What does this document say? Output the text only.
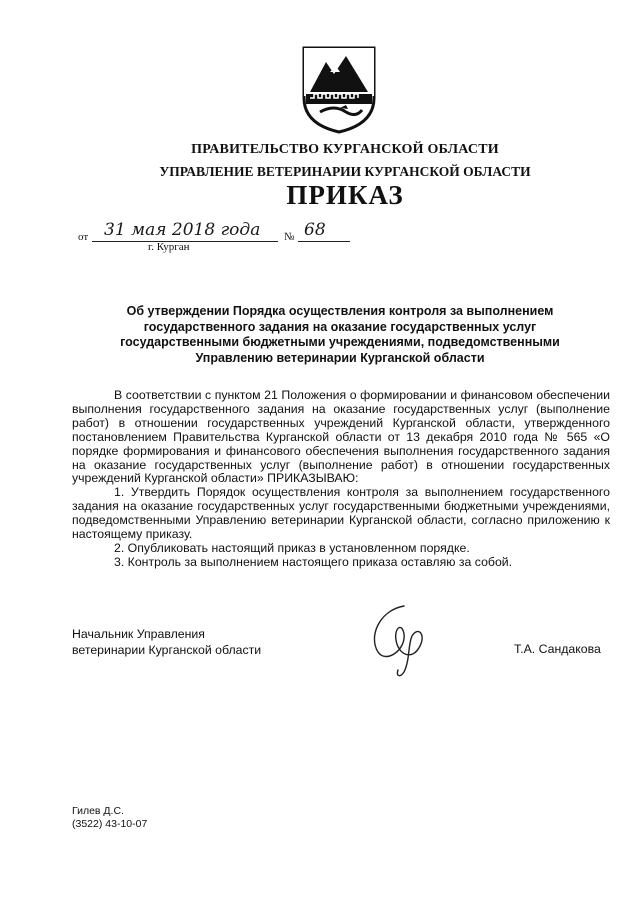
ПРАВИТЕЛЬСТВО КУРГАНСКОЙ ОБЛАСТИ
УПРАВЛЕНИЕ ВЕТЕРИНАРИИ КУРГАНСКОЙ ОБЛАСТИ
ПРИКАЗ
от 31 мая 2018 года № 68
г. Курган
Об утверждении Порядка осуществления контроля за выполнением государственного задания на оказание государственных услуг государственными бюджетными учреждениями, подведомственными Управлению ветеринарии Курганской области

В соответствии с пунктом 21 Положения о формировании и финансовом обеспечении выполнения государственного задания на оказание государственных услуг (выполнение работ) в отношении государственных учреждений Курганской области, утвержденного постановлением Правительства Курганской области от 13 декабря 2010 года № 565 «О порядке формирования и финансового обеспечения выполнения государственного задания на оказание государственных услуг (выполнение работ) в отношении государственных учреждений Курганской области» ПРИКАЗЫВАЮ:

1. Утвердить Порядок осуществления контроля за выполнением государственного задания на оказание государственных услуг государственными бюджетными учреждениями, подведомственными Управлению ветеринарии Курганской области, согласно приложению к настоящему приказу.

2. Опубликовать настоящий приказ в установленном порядке.

3. Контроль за выполнением настоящего приказа оставляю за собой.

Начальник Управления
ветеринарии Курганской области	Т.А. Сандакова
Гилев Д.С.
(3522) 43-10-07
